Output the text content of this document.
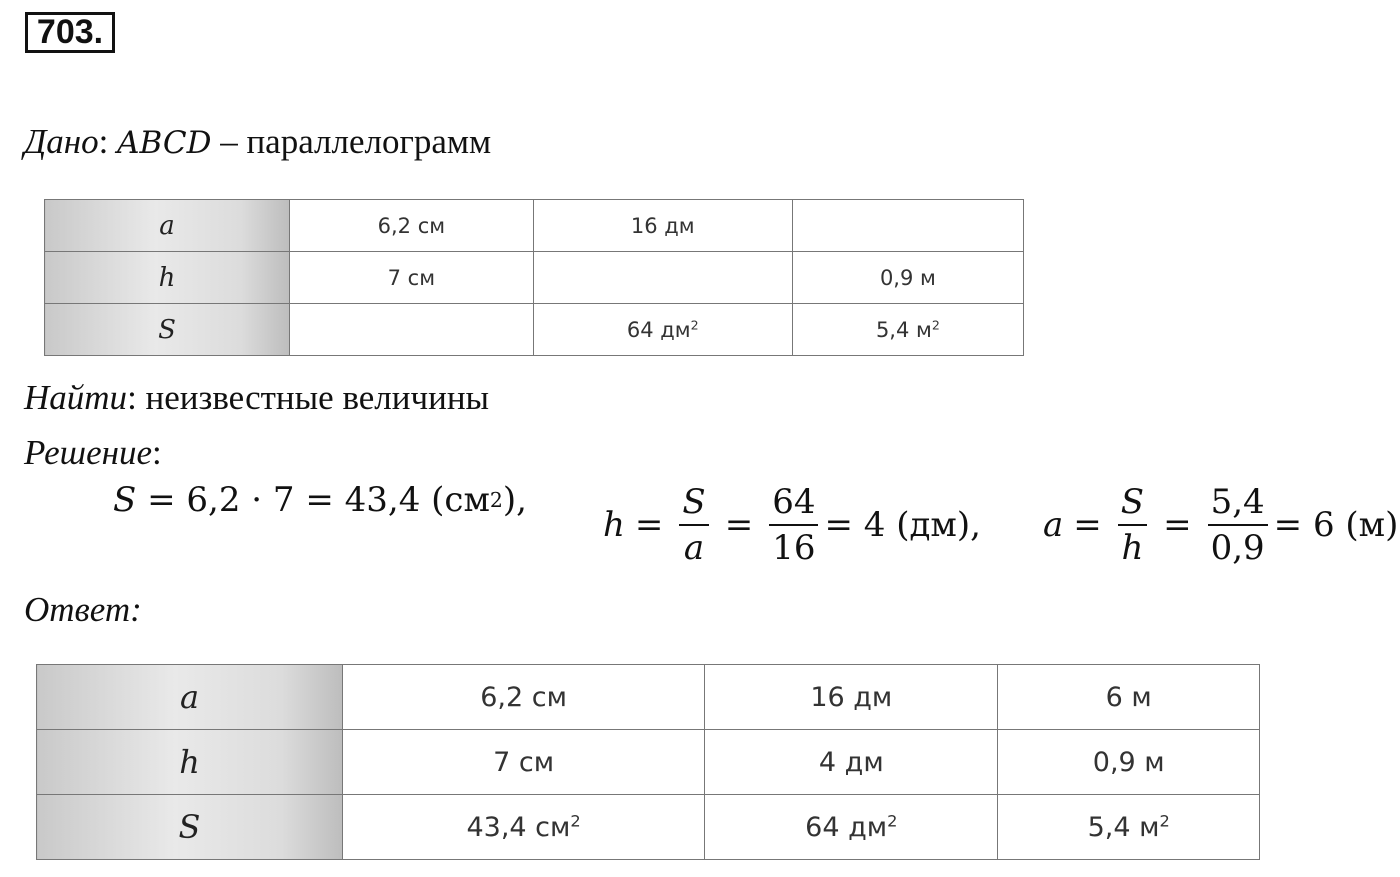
703.
Дано: ABCD – параллелограмм
a	6,2 см	16 дм	
h	7 см		0,9 м
S		64 $дм^2$	5,4 $м^2$
Найти: неизвестные величины
Решение:
S
= 6,2 · 7 = 43,4 (см 2 ),
$h = \frac{S}{a} = \frac{64}{16} = 4$ (дм), $a = \frac{S}{h} = \frac{5,4}{0,9} = 6$ (м)
Ответ:
a	6,2 см	16 дм	6 м
h	7 см	4 дм	0,9 м
S	43,4 $см^2$	64 $дм^2$	5,4 $м^2$
